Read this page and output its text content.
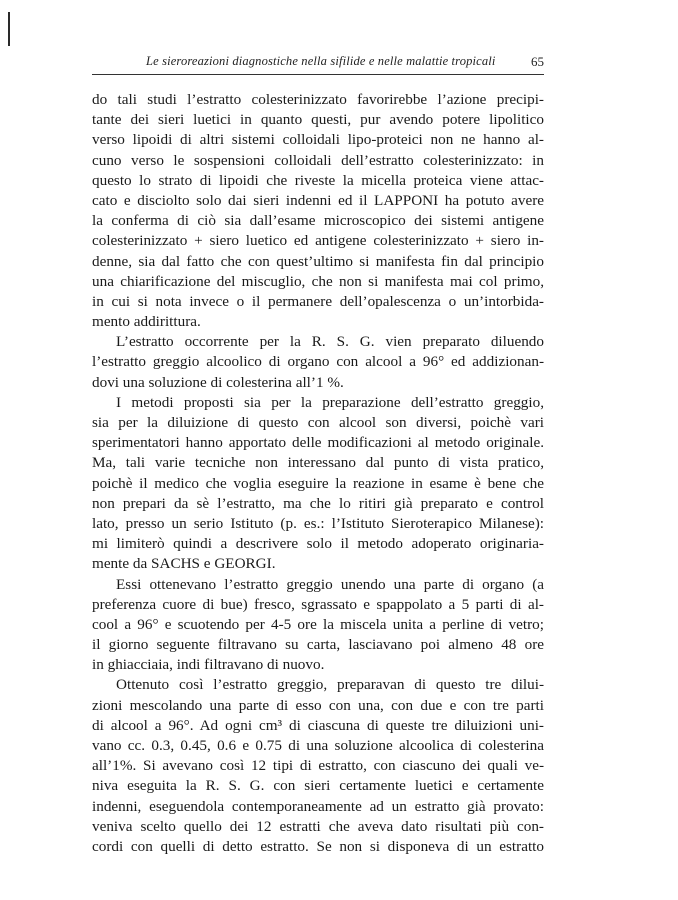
Le sieroreazioni diagnostiche nella sifilide e nelle malattie tropicali	65
do tali studi l’estratto colesterinizzato favorirebbe l’azione precipi-
tante dei sieri luetici in quanto questi, pur avendo potere lipolitico
verso lipoidi di altri sistemi colloidali lipo-proteici non ne hanno al-
cuno verso le sospensioni colloidali dell’estratto colesterinizzato: in
questo lo strato di lipoidi che riveste la micella proteica viene attac-
cato e disciolto solo dai sieri indenni ed il LAPPONI ha potuto avere
la conferma di ciò sia dall’esame microscopico dei sistemi antigene
colesterinizzato + siero luetico ed antigene colesterinizzato + siero in-
denne, sia dal fatto che con quest’ultimo si manifesta fin dal principio
una chiarificazione del miscuglio, che non si manifesta mai col primo,
in cui si nota invece o il permanere dell’opalescenza o un’intorbida-
mento addirittura.
L’estratto occorrente per la R. S. G. vien preparato diluendo
l’estratto greggio alcoolico di organo con alcool a 96° ed addizionan-
dovi una soluzione di colesterina all’1 %.
I metodi proposti sia per la preparazione dell’estratto greggio,
sia per la diluizione di questo con alcool son diversi, poichè vari
sperimentatori hanno apportato delle modificazioni al metodo originale.
Ma, tali varie tecniche non interessano dal punto di vista pratico,
poichè il medico che voglia eseguire la reazione in esame è bene che
non prepari da sè l’estratto, ma che lo ritiri già preparato e control
lato, presso un serio Istituto (p. es.: l’Istituto Sieroterapico Milanese):
mi limiterò quindi a descrivere solo il metodo adoperato originaria-
mente da SACHS e GEORGI.
Essi ottenevano l’estratto greggio unendo una parte di organo (a
preferenza cuore di bue) fresco, sgrassato e spappolato a 5 parti di al-
cool a 96° e scuotendo per 4-5 ore la miscela unita a perline di vetro;
il giorno seguente filtravano su carta, lasciavano poi almeno 48 ore
in ghiacciaia, indi filtravano di nuovo.
Ottenuto così l’estratto greggio, preparavan di questo tre dilui-
zioni mescolando una parte di esso con una, con due e con tre parti
di alcool a 96°. Ad ogni cm³ di ciascuna di queste tre diluizioni uni-
vano cc. 0.3, 0.45, 0.6 e 0.75 di una soluzione alcoolica di colesterina
all’1%. Si avevano così 12 tipi di estratto, con ciascuno dei quali ve-
niva eseguita la R. S. G. con sieri certamente luetici e certamente
indenni, eseguendola contemporaneamente ad un estratto già provato:
veniva scelto quello dei 12 estratti che aveva dato risultati più con-
cordi con quelli di detto estratto. Se non si disponeva di un estratto
